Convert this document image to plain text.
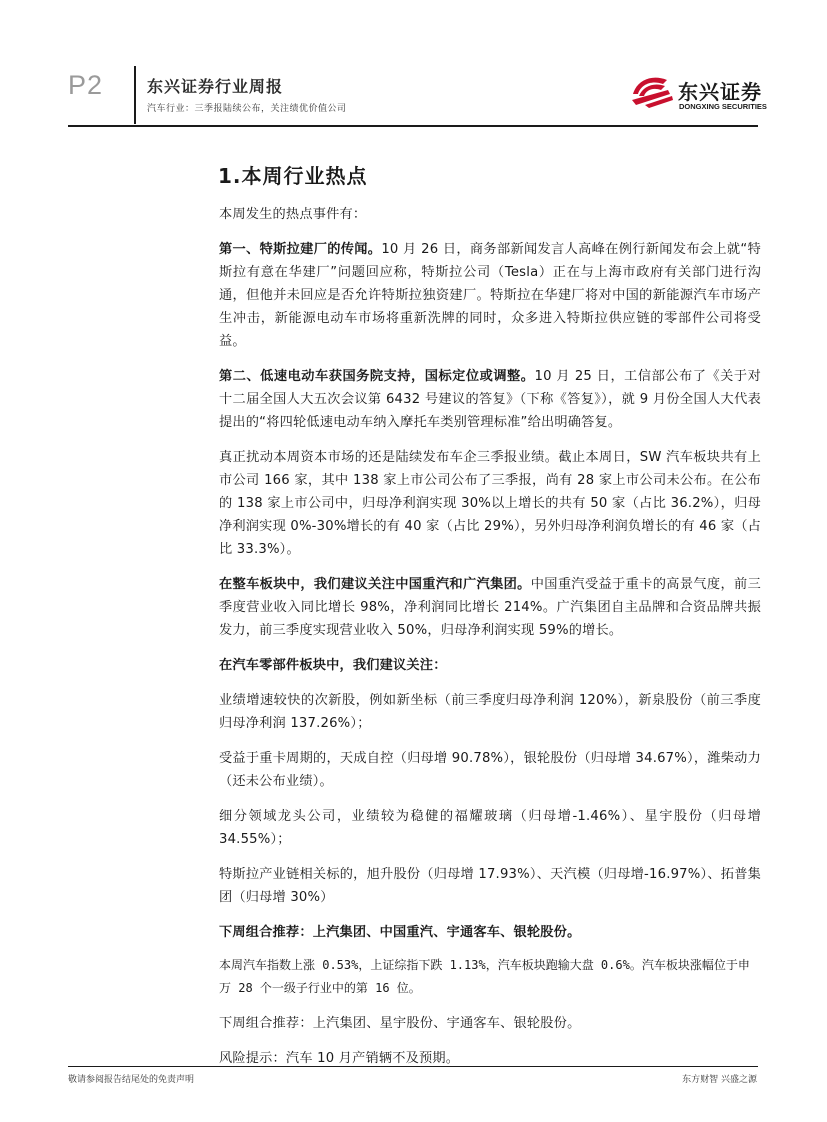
P2	东兴证券行业周报
汽车行业：三季报陆续公布，关注绩优价值公司
东兴证券
DONGXING SECURITIES
1.本周行业热点

本周发生的热点事件有：

第一、特斯拉建厂的传闻。10 月 26 日，商务部新闻发言人高峰在例行新闻发布会上就“特斯拉有意在华建厂”问题回应称，特斯拉公司（Tesla）正在与上海市政府有关部门进行沟通，但他并未回应是否允许特斯拉独资建厂。特斯拉在华建厂将对中国的新能源汽车市场产生冲击，新能源电动车市场将重新洗牌的同时，众多进入特斯拉供应链的零部件公司将受益。

第二、低速电动车获国务院支持，国标定位或调整。10 月 25 日，工信部公布了《关于对十二届全国人大五次会议第 6432 号建议的答复》（下称《答复》），就 9 月份全国人大代表提出的“将四轮低速电动车纳入摩托车类别管理标准”给出明确答复。

真正扰动本周资本市场的还是陆续发布车企三季报业绩。截止本周日，SW 汽车板块共有上市公司 166 家，其中 138 家上市公司公布了三季报，尚有 28 家上市公司未公布。在公布的 138 家上市公司中，归母净利润实现 30%以上增长的共有 50 家（占比 36.2%），归母净利润实现 0%-30%增长的有 40 家（占比 29%），另外归母净利润负增长的有 46 家（占比 33.3%）。

在整车板块中，我们建议关注中国重汽和广汽集团。中国重汽受益于重卡的高景气度，前三季度营业收入同比增长 98%，净利润同比增长 214%。广汽集团自主品牌和合资品牌共振发力，前三季度实现营业收入 50%，归母净利润实现 59%的增长。

在汽车零部件板块中，我们建议关注：

业绩增速较快的次新股，例如新坐标（前三季度归母净利润 120%），新泉股份（前三季度归母净利润 137.26%）；

受益于重卡周期的，天成自控（归母增 90.78%），银轮股份（归母增 34.67%），潍柴动力（还未公布业绩）。

细分领域龙头公司，业绩较为稳健的福耀玻璃（归母增-1.46%）、星宇股份（归母增 34.55%）；

特斯拉产业链相关标的，旭升股份（归母增 17.93%）、天汽模（归母增-16.97%）、拓普集团（归母增 30%）

下周组合推荐：上汽集团、中国重汽、宇通客车、银轮股份。

本周汽车指数上涨 0.53%，上证综指下跌 1.13%，汽车板块跑输大盘 0.6%。汽车板块涨幅位于申万 28 个一级子行业中的第 16 位。

下周组合推荐：上汽集团、星宇股份、宇通客车、银轮股份。

风险提示：汽车 10 月产销辆不及预期。

敬请参阅报告结尾处的免责声明	东方财智 兴盛之源
